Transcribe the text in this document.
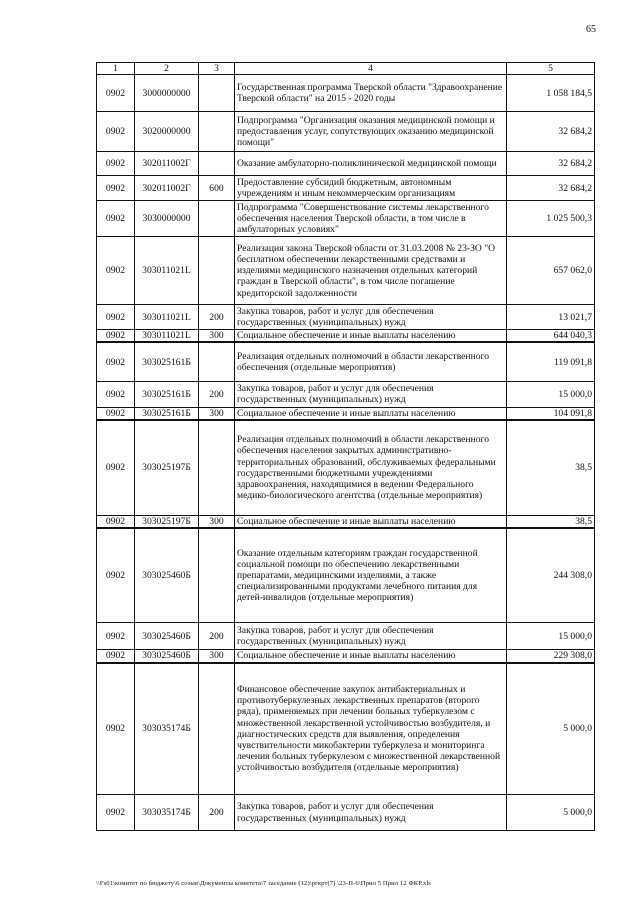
65
1	2	3	4	5
0902	3000000000		Государственная программа Тверской области "Здравоохранение Тверской области" на 2015 - 2020 годы	1 058 184,5
0902	3020000000		Подпрограмма "Организация оказания медицинской помощи и предоставления услуг, сопутствующих оказанию медицинской помощи"	32 684,2
0902	302011002Г		Оказание амбулаторно-поликлинической медицинской помощи	32 684,2
0902	302011002Г	600	Предоставление субсидий бюджетным, автономным учреждениям и иным некоммерческим организациям	32 684,2
0902	3030000000		Подпрограмма "Совершенствование системы лекарственного обеспечения населения Тверской области, в том числе в амбулаторных условиях"	1 025 500,3
0902	303011021L		Реализация закона Тверской области от 31.03.2008 № 23-ЗО "О бесплатном обеспечении лекарственными средствами и изделиями медицинского назначения отдельных категорий граждан в Тверской области", в том числе погашение кредиторской задолженности	657 062,0
0902	303011021L	200	Закупка товаров, работ и услуг для обеспечения государственных (муниципальных) нужд	13 021,7
0902	303011021L	300	Социальное обеспечение и иные выплаты населению	644 040,3
0902	303025161Б		Реализация отдельных полномочий в области лекарственного обеспечения (отдельные мероприятия)	119 091,8
0902	303025161Б	200	Закупка товаров, работ и услуг для обеспечения государственных (муниципальных) нужд	15 000,0
0902	303025161Б	300	Социальное обеспечение и иные выплаты населению	104 091,8
0902	303025197Б		Реализация отдельных полномочий в области лекарственного обеспечения населения закрытых административно-территориальных образований, обслуживаемых федеральными государственными бюджетными учреждениями здравоохранения, находящимися в ведении Федерального медико-биологического агентства (отдельные мероприятия)	38,5
0902	303025197Б	300	Социальное обеспечение и иные выплаты населению	38,5
0902	303025460Б		Оказание отдельным категориям граждан государственной социальной помощи по обеспечению лекарственными препаратами, медицинскими изделиями, а также специализированными продуктами лечебного питания для детей-инвалидов (отдельные мероприятия)	244 308,0
0902	303025460Б	200	Закупка товаров, работ и услуг для обеспечения государственных (муниципальных) нужд	15 000,0
0902	303025460Б	300	Социальное обеспечение и иные выплаты населению	229 308,0
0902	303035174Б		Финансовое обеспечение закупок антибактериальных и противотуберкулезных лекарственных препаратов (второго ряда), применяемых при лечении больных туберкулезом с множественной лекарственной устойчивостью возбудителя, и диагностических средств для выявления, определения чувствительности микобактерии туберкулеза и мониторинга лечения больных туберкулезом с множественной лекарственной устойчивостью возбудителя (отдельные мероприятия)	5 000,0
0902	303035174Б	200	Закупка товаров, работ и услуг для обеспечения государственных (муниципальных) нужд	5 000,0
\\Fs01\комитет по бюджету\6 созыв\Документы комитета\7 заседание (12)\ргкрт(7) \23-П-6\Прил 5 Прил 12 ФКР.xls
